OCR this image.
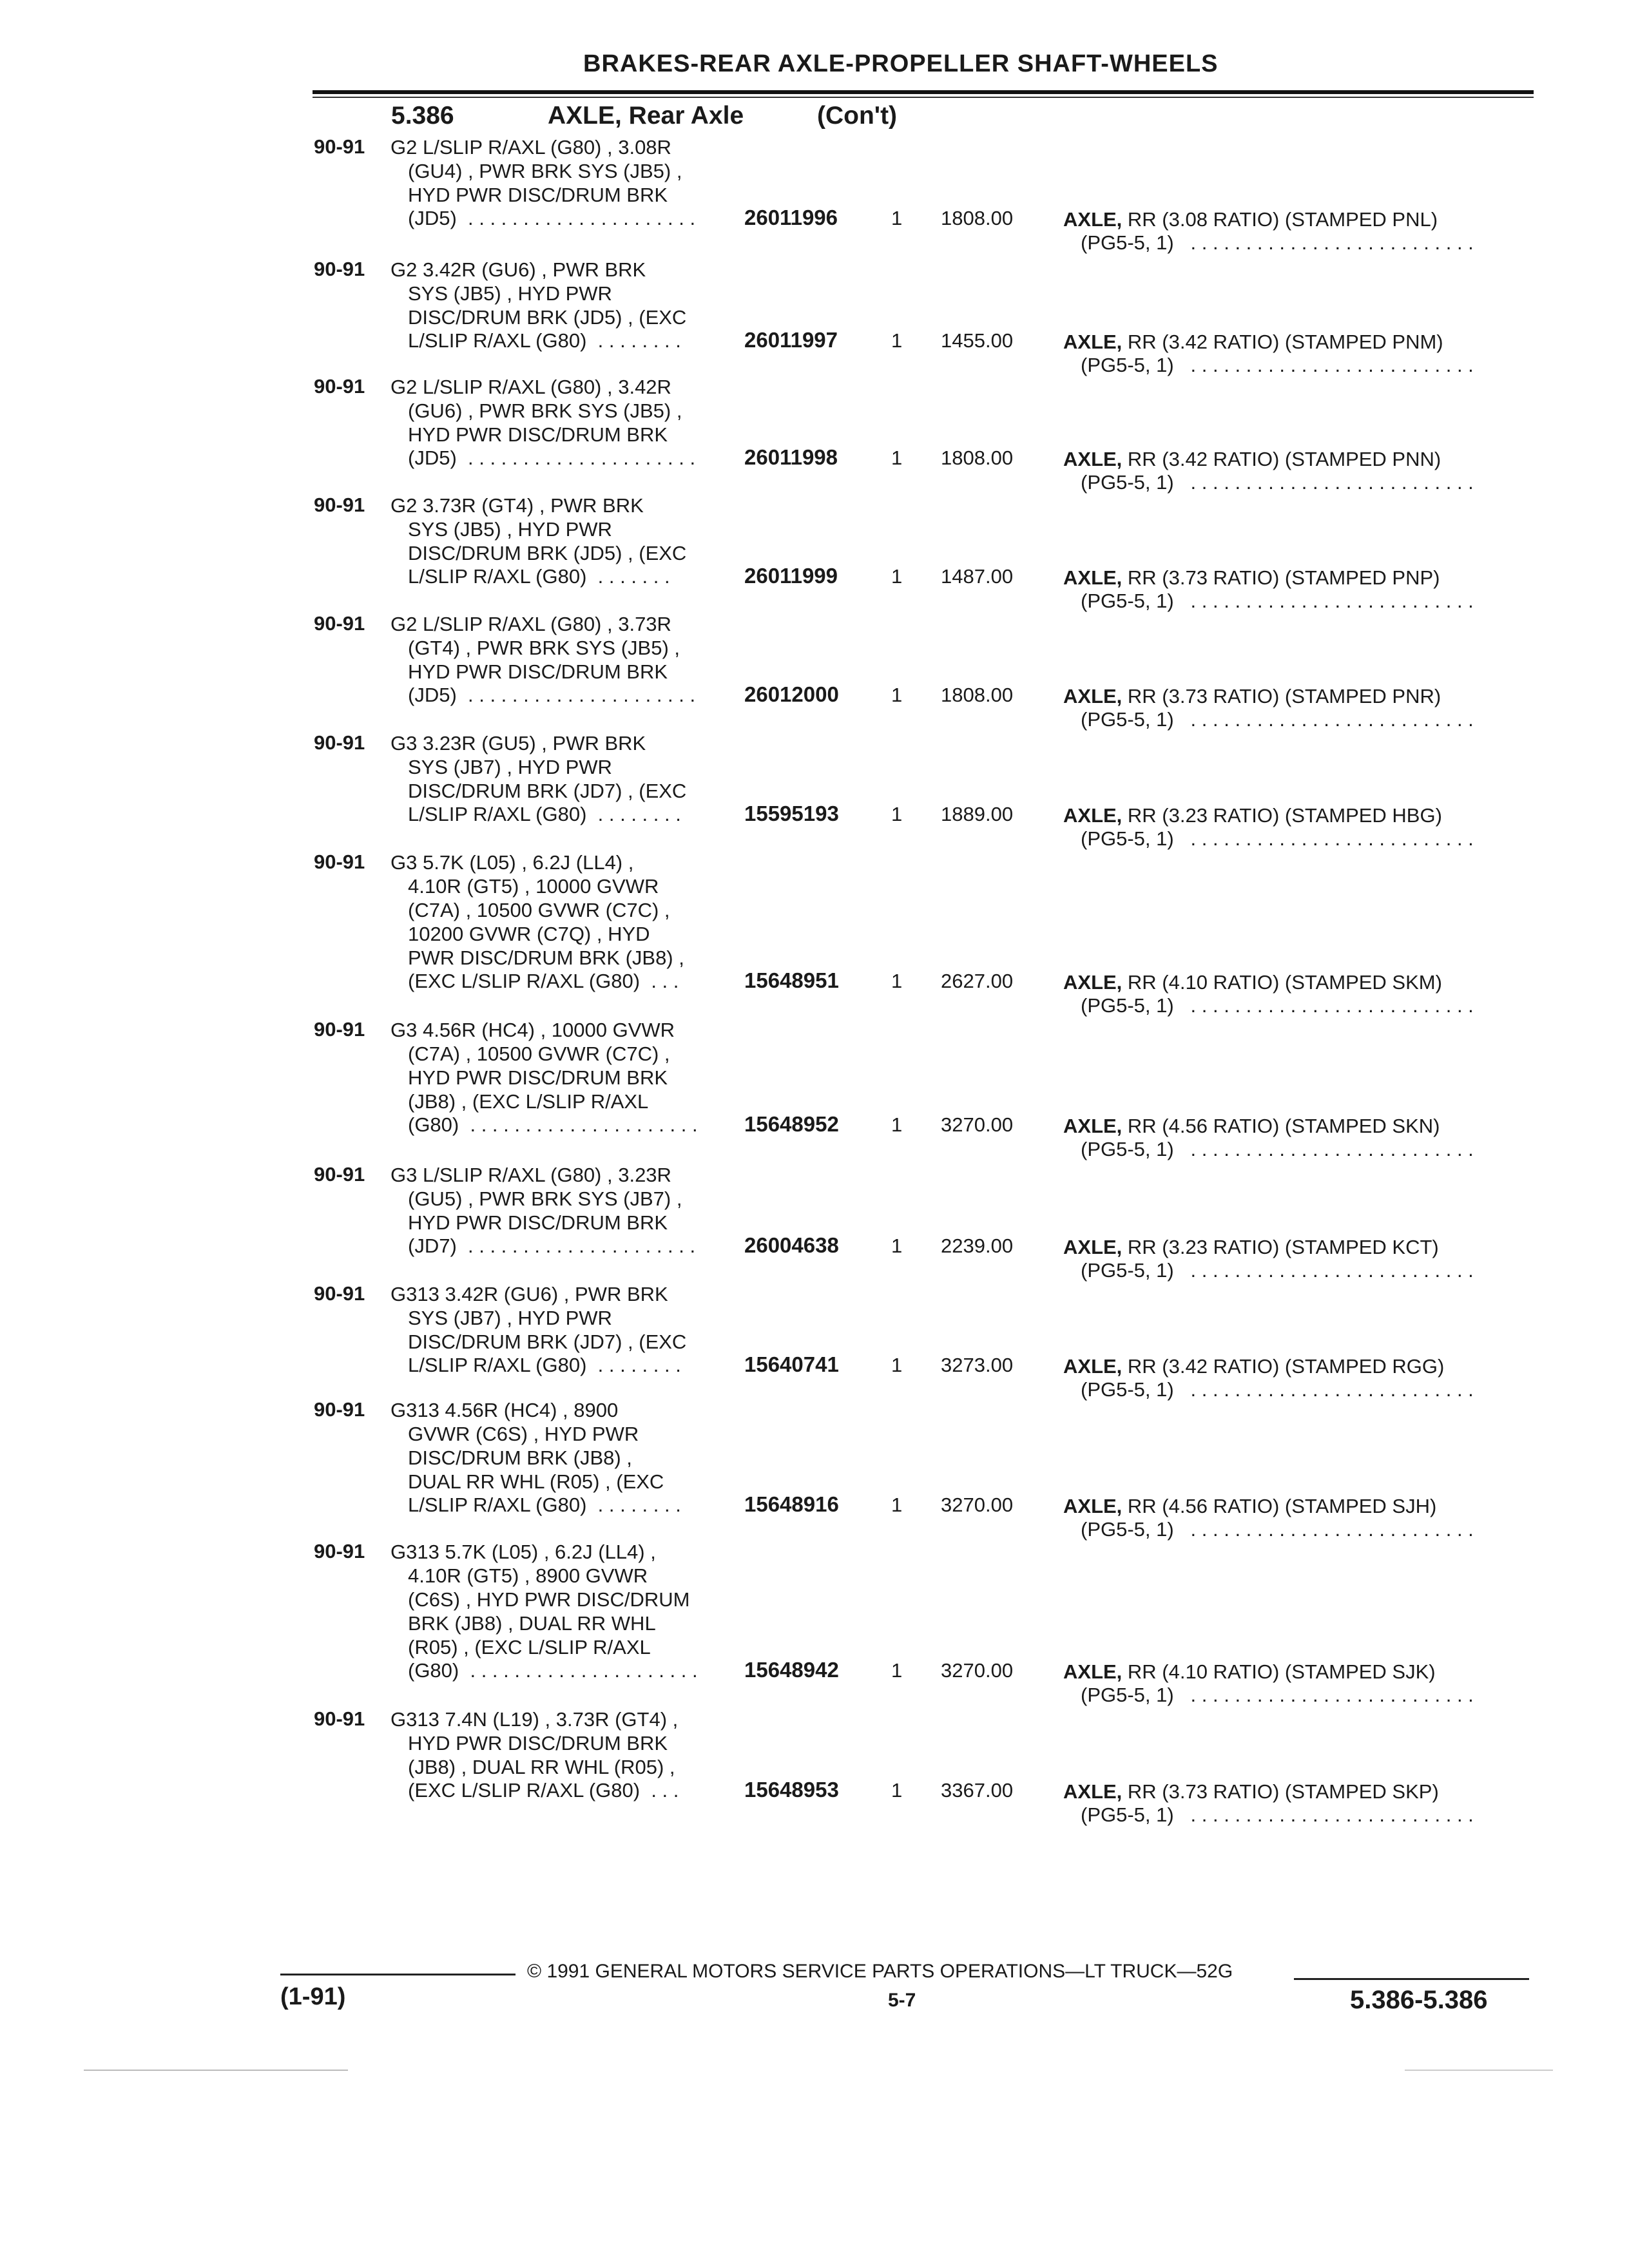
BRAKES-REAR AXLE-PROPELLER SHAFT-WHEELS
5.386	AXLE, Rear Axle	(Con't)
90-91 G2 L/SLIP R/AXL (G80) , 3.08R
(GU4) , PWR BRK SYS (JB5) ,
HYD PWR DISC/DRUM BRK
(JD5)  . . . . . . . . . . . . . . . . . . . . . 26011996	1 1808.00	AXLE, RR (3.08 RATIO) (STAMPED PNL)
(PG5-5, 1)   . . . . . . . . . . . . . . . . . . . . . . . . . .
90-91 G2 3.42R (GU6) , PWR BRK
SYS (JB5) , HYD PWR
DISC/DRUM BRK (JD5) , (EXC
L/SLIP R/AXL (G80)  . . . . . . . .	26011997	1 1455.00	AXLE, RR (3.42 RATIO) (STAMPED PNM)
(PG5-5, 1)   . . . . . . . . . . . . . . . . . . . . . . . . . .
90-91 G2 L/SLIP R/AXL (G80) , 3.42R
(GU6) , PWR BRK SYS (JB5) ,
HYD PWR DISC/DRUM BRK
(JD5)  . . . . . . . . . . . . . . . . . . . . . 26011998	1 1808.00	AXLE, RR (3.42 RATIO) (STAMPED PNN)
(PG5-5, 1)   . . . . . . . . . . . . . . . . . . . . . . . . . .
90-91 G2 3.73R (GT4) , PWR BRK
SYS (JB5) , HYD PWR
DISC/DRUM BRK (JD5) , (EXC
L/SLIP R/AXL (G80)  . . . . . . .	26011999	1 1487.00	AXLE, RR (3.73 RATIO) (STAMPED PNP)
(PG5-5, 1)   . . . . . . . . . . . . . . . . . . . . . . . . . .
90-91 G2 L/SLIP R/AXL (G80) , 3.73R
(GT4) , PWR BRK SYS (JB5) ,
HYD PWR DISC/DRUM BRK
(JD5)  . . . . . . . . . . . . . . . . . . . . . 26012000	1 1808.00	AXLE, RR (3.73 RATIO) (STAMPED PNR)
(PG5-5, 1)   . . . . . . . . . . . . . . . . . . . . . . . . . .
90-91 G3 3.23R (GU5) , PWR BRK
SYS (JB7) , HYD PWR
DISC/DRUM BRK (JD7) , (EXC
L/SLIP R/AXL (G80)  . . . . . . . .	15595193	1 1889.00	AXLE, RR (3.23 RATIO) (STAMPED HBG)
(PG5-5, 1)   . . . . . . . . . . . . . . . . . . . . . . . . . .
90-91 G3 5.7K (L05) , 6.2J (LL4) ,
4.10R (GT5) , 10000 GVWR
(C7A) , 10500 GVWR (C7C) ,
10200 GVWR (C7Q) , HYD
PWR DISC/DRUM BRK (JB8) ,
(EXC L/SLIP R/AXL (G80)  . . .	15648951	1 2627.00	AXLE, RR (4.10 RATIO) (STAMPED SKM)
(PG5-5, 1)   . . . . . . . . . . . . . . . . . . . . . . . . . .
90-91 G3 4.56R (HC4) , 10000 GVWR
(C7A) , 10500 GVWR (C7C) ,
HYD PWR DISC/DRUM BRK
(JB8) , (EXC L/SLIP R/AXL
(G80)  . . . . . . . . . . . . . . . . . . . . . 15648952	1 3270.00	AXLE, RR (4.56 RATIO) (STAMPED SKN)
(PG5-5, 1)   . . . . . . . . . . . . . . . . . . . . . . . . . .
90-91 G3 L/SLIP R/AXL (G80) , 3.23R
(GU5) , PWR BRK SYS (JB7) ,
HYD PWR DISC/DRUM BRK
(JD7)  . . . . . . . . . . . . . . . . . . . . . 26004638	1 2239.00	AXLE, RR (3.23 RATIO) (STAMPED KCT)
(PG5-5, 1)   . . . . . . . . . . . . . . . . . . . . . . . . . .
90-91 G313 3.42R (GU6) , PWR BRK
SYS (JB7) , HYD PWR
DISC/DRUM BRK (JD7) , (EXC
L/SLIP R/AXL (G80)  . . . . . . . .	15640741	1 3273.00	AXLE, RR (3.42 RATIO) (STAMPED RGG)
(PG5-5, 1)   . . . . . . . . . . . . . . . . . . . . . . . . . .
90-91 G313 4.56R (HC4) , 8900
GVWR (C6S) , HYD PWR
DISC/DRUM BRK (JB8) ,
DUAL RR WHL (R05) , (EXC
L/SLIP R/AXL (G80)  . . . . . . . .	15648916	1 3270.00	AXLE, RR (4.56 RATIO) (STAMPED SJH)
(PG5-5, 1)   . . . . . . . . . . . . . . . . . . . . . . . . . .
90-91 G313 5.7K (L05) , 6.2J (LL4) ,
4.10R (GT5) , 8900 GVWR
(C6S) , HYD PWR DISC/DRUM
BRK (JB8) , DUAL RR WHL
(R05) , (EXC L/SLIP R/AXL
(G80)  . . . . . . . . . . . . . . . . . . . . . 15648942	1 3270.00	AXLE, RR (4.10 RATIO) (STAMPED SJK)
(PG5-5, 1)   . . . . . . . . . . . . . . . . . . . . . . . . . .
90-91 G313 7.4N (L19) , 3.73R (GT4) ,
HYD PWR DISC/DRUM BRK
(JB8) , DUAL RR WHL (R05) ,
(EXC L/SLIP R/AXL (G80)  . . .	15648953	1 3367.00	AXLE, RR (3.73 RATIO) (STAMPED SKP)
(PG5-5, 1)   . . . . . . . . . . . . . . . . . . . . . . . . . .
© 1991 GENERAL MOTORS SERVICE PARTS OPERATIONS—LT TRUCK—52G
(1-91)	5-7	5.386-5.386
